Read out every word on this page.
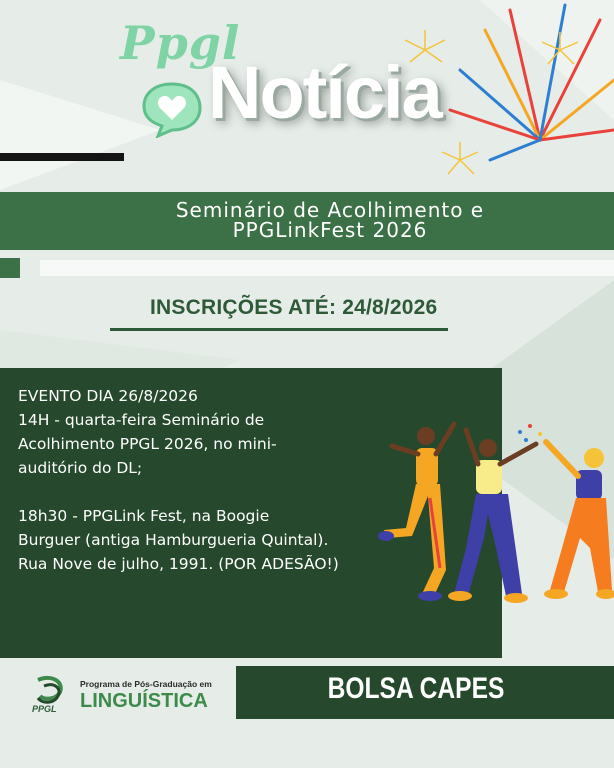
Ppgl
Notícia
Seminário de Acolhimento e
PPGLinkFest 2026
INSCRIÇÕES ATÉ: 24/8/2026

EVENTO DIA 26/8/2026

14H - quarta-feira Seminário de

Acolhimento PPGL 2026, no mini-

auditório do DL;

18h30 - PPGLink Fest, na Boogie

Burguer (antiga Hamburgueria Quintal).

Rua Nove de julho, 1991. (POR ADESÃO!)

PPGL
Programa de Pós-Graduação em
LINGUÍSTICA	BOLSA CAPES
